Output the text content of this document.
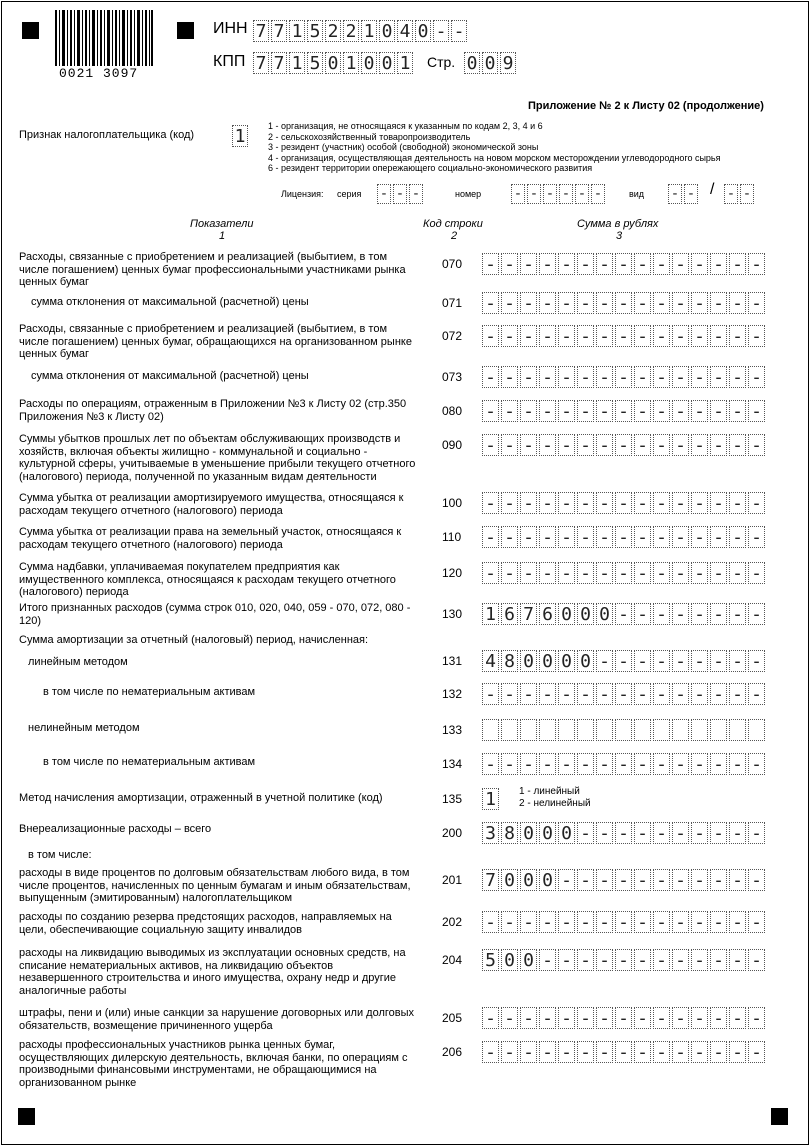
0021 3097
ИНН 7 7 1 5 2 2 1 0 4 0 - -
КПП 7 7 1 5 0 1 0 0 1 Стр. 0 0 9
Приложение № 2 к Листу 02 (продолжение)
Признак налогоплательщика (код) 1	1 - организация, не относящаяся к указанным по кодам 2, 3, 4 и 6
2 - сельскохозяйственный товаропроизводитель
3 - резидент (участник) особой (свободной) экономической зоны
4 - организация, осуществляющая деятельность на новом морском месторождении углеводородного сырья
6 - резидент территории опережающего социально-экономического развития
Лицензия: серия - - -	номер - - - - - -	вид - - / - -
Показатели	Код строки	Сумма в рублях
1	2	3
Расходы, связанные с приобретением и реализацией (выбытием, в том числе погашением) ценных бумаг профессиональными участниками рынка ценных бумаг
070 - - - - - - - - - - - - - - -
сумма отклонения от максимальной (расчетной) цены	071 - - - - - - - - - - - - - - -
Расходы, связанные с приобретением и реализацией (выбытием, в том числе погашением) ценных бумаг, обращающихся на организованном рынке ценных бумаг
072 - - - - - - - - - - - - - - -
сумма отклонения от максимальной (расчетной) цены	073 - - - - - - - - - - - - - - -
Расходы по операциям, отраженным в Приложении №3 к Листу 02 (стр.350 Приложения №3 к Листу 02)	080 - - - - - - - - - - - - - - -
Суммы убытков прошлых лет по объектам обслуживающих производств и хозяйств, включая объекты жилищно - коммунальной и социально - культурной сферы, учитываемые в уменьшение прибыли текущего отчетного (налогового) периода, полученной по указанным видам деятельности
090 - - - - - - - - - - - - - - -
Сумма убытка от реализации амортизируемого имущества, относящаяся к расходам текущего отчетного (налогового) периода
100 - - - - - - - - - - - - - - -
Сумма убытка от реализации права на земельный участок, относящаяся к расходам текущего отчетного (налогового) периода
110 - - - - - - - - - - - - - - -
Сумма надбавки, уплачиваемая покупателем предприятия как имущественного комплекса, относящаяся к расходам текущего отчетного (налогового) периода
120 - - - - - - - - - - - - - - -
Итого признанных расходов (сумма строк 010, 020, 040, 059 - 070, 072, 080 - 120)	130 1 6 7 6 0 0 0 - - - - - - - -
Сумма амортизации за отчетный (налоговый) период, начисленная:
линейным методом	131 4 8 0 0 0 0 - - - - - - - - -
в том числе по нематериальным активам	132 - - - - - - - - - - - - - - -
нелинейным методом	133
в том числе по нематериальным активам	134 - - - - - - - - - - - - - - -
Метод начисления амортизации, отраженный в учетной политике (код)	135 1
Внереализационные расходы – всего	200 3 8 0 0 0 - - - - - - - - - -
в том числе:
расходы в виде процентов по долговым обязательствам любого вида, в том числе процентов, начисленных по ценным бумагам и иным обязательствам, выпущенным (эмитированным) налогоплательщиком
201 7 0 0 0 - - - - - - - - - - -
расходы по созданию резерва предстоящих расходов, направляемых на цели, обеспечивающие социальную защиту инвалидов
202 - - - - - - - - - - - - - - -
расходы на ликвидацию выводимых из эксплуатации основных средств, на списание нематериальных активов, на ликвидацию объектов незавершенного строительства и иного имущества, охрану недр и другие аналогичные работы
204 5 0 0 - - - - - - - - - - - -
штрафы, пени и (или) иные санкции за нарушение договорных или долговых обязательств, возмещение причиненного ущерба
205 - - - - - - - - - - - - - - -
расходы профессиональных участников рынка ценных бумаг, осуществляющих дилерскую деятельность, включая банки, по операциям с производными финансовыми инструментами, не обращающимися на организованном рынке
206 - - - - - - - - - - - - - - -
1 - линейный
2 - нелинейный
